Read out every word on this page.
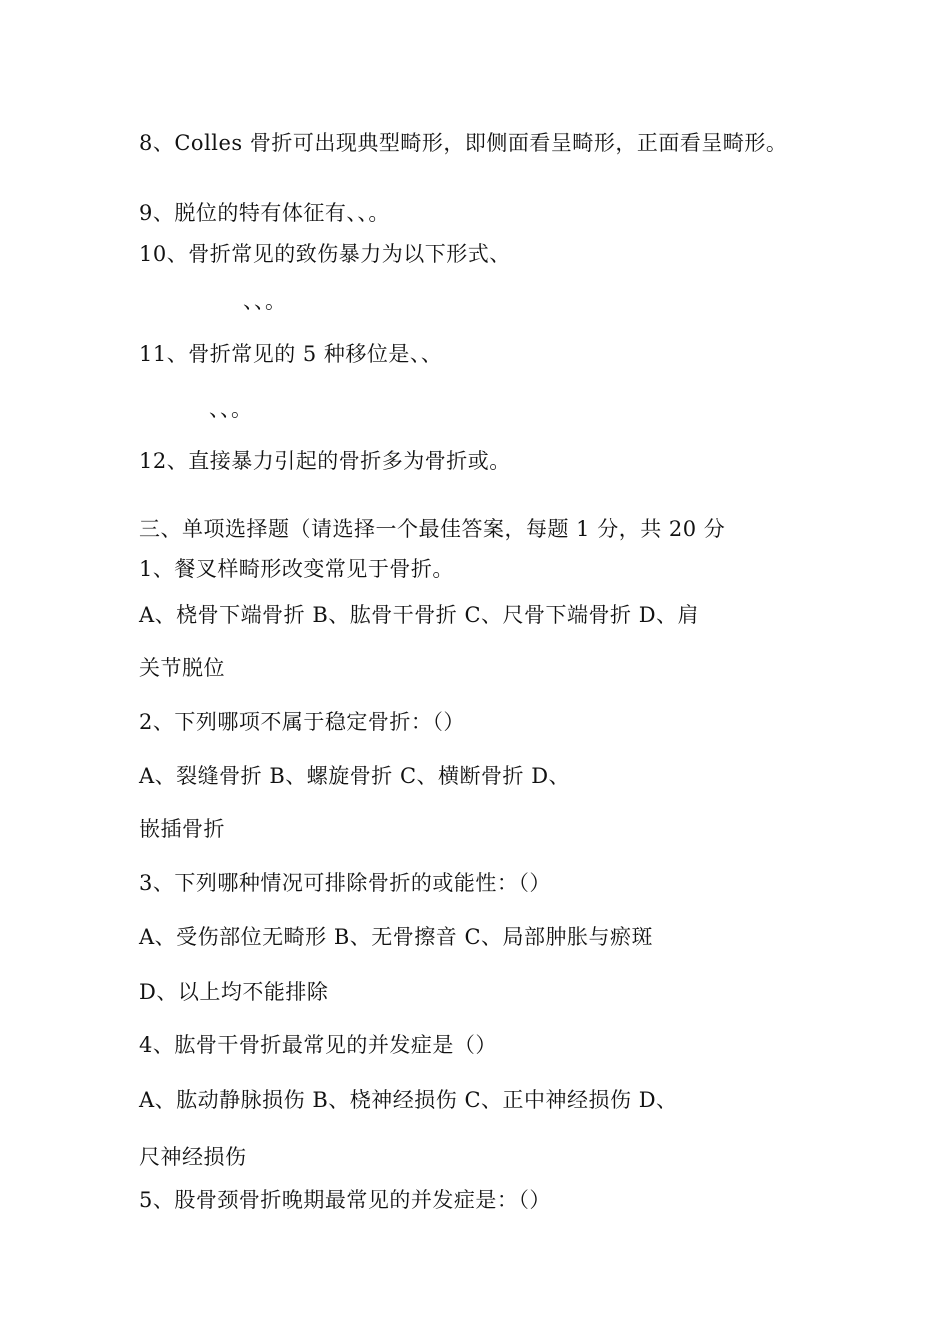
8、Colles 骨折可出现典型畸形，即侧面看呈畸形，正面看呈畸形。
9、脱位的特有体征有、、。
10、骨折常见的致伤暴力为以下形式、
、、。
11、骨折常见的 5 种移位是、、
、、。
12、直接暴力引起的骨折多为骨折或。
三、单项选择题（请选择一个最佳答案，每题 1 分，共 20 分
1、餐叉样畸形改变常见于骨折。
A、桡骨下端骨折 B、肱骨干骨折 C、尺骨下端骨折 D、肩
关节脱位
2、下列哪项不属于稳定骨折：（）
A、裂缝骨折 B、螺旋骨折 C、横断骨折 D、
嵌插骨折
3、下列哪种情况可排除骨折的或能性：（）
A、受伤部位无畸形 B、无骨擦音 C、局部肿胀与瘀斑
D、以上均不能排除
4、肱骨干骨折最常见的并发症是（）
A、肱动静脉损伤 B、桡神经损伤 C、正中神经损伤 D、
尺神经损伤
5、股骨颈骨折晚期最常见的并发症是：（）
